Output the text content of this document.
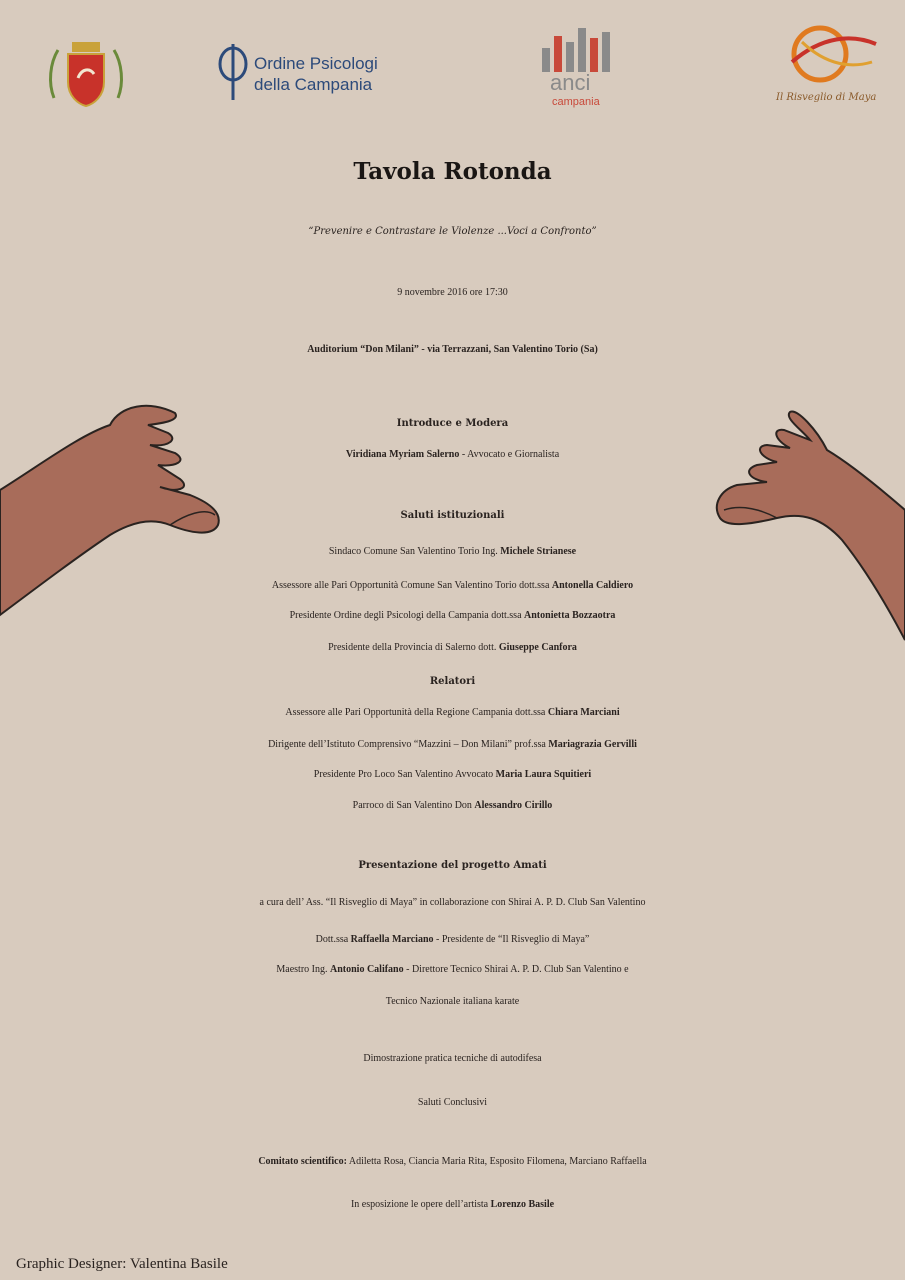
Ordine Psicologi
della Campania	anci
campania	Il Risveglio di Maya
Tavola Rotonda
“Prevenire e Contrastare le Violenze ...Voci a Confronto”
9 novembre 2016 ore 17:30
Auditorium “Don Milani” - via Terrazzani, San Valentino Torio (Sa)
Introduce e Modera
Viridiana Myriam Salerno - Avvocato e Giornalista
Saluti istituzionali
Sindaco Comune San Valentino Torio Ing. Michele Strianese
Assessore alle Pari Opportunità Comune San Valentino Torio dott.ssa Antonella Caldiero
Presidente Ordine degli Psicologi della Campania dott.ssa Antonietta Bozzaotra
Presidente della Provincia di Salerno dott. Giuseppe Canfora
Relatori
Assessore alle Pari Opportunità della Regione Campania dott.ssa Chiara Marciani
Dirigente dell’Istituto Comprensivo “Mazzini – Don Milani” prof.ssa Mariagrazia Gervilli
Presidente Pro Loco San Valentino Avvocato Maria Laura Squitieri
Parroco di San Valentino Don Alessandro Cirillo
Presentazione del progetto Amati
a cura dell’ Ass. “Il Risveglio di Maya” in collaborazione con Shirai A. P. D. Club San Valentino
Dott.ssa Raffaella Marciano - Presidente de “Il Risveglio di Maya”
Maestro Ing. Antonio Califano - Direttore Tecnico Shirai A. P. D. Club San Valentino e
Tecnico Nazionale italiana karate
Dimostrazione pratica tecniche di autodifesa
Saluti Conclusivi
Comitato scientifico: Adiletta Rosa, Ciancia Maria Rita, Esposito Filomena, Marciano Raffaella
In esposizione le opere dell’artista Lorenzo Basile
Graphic Designer: Valentina Basile
